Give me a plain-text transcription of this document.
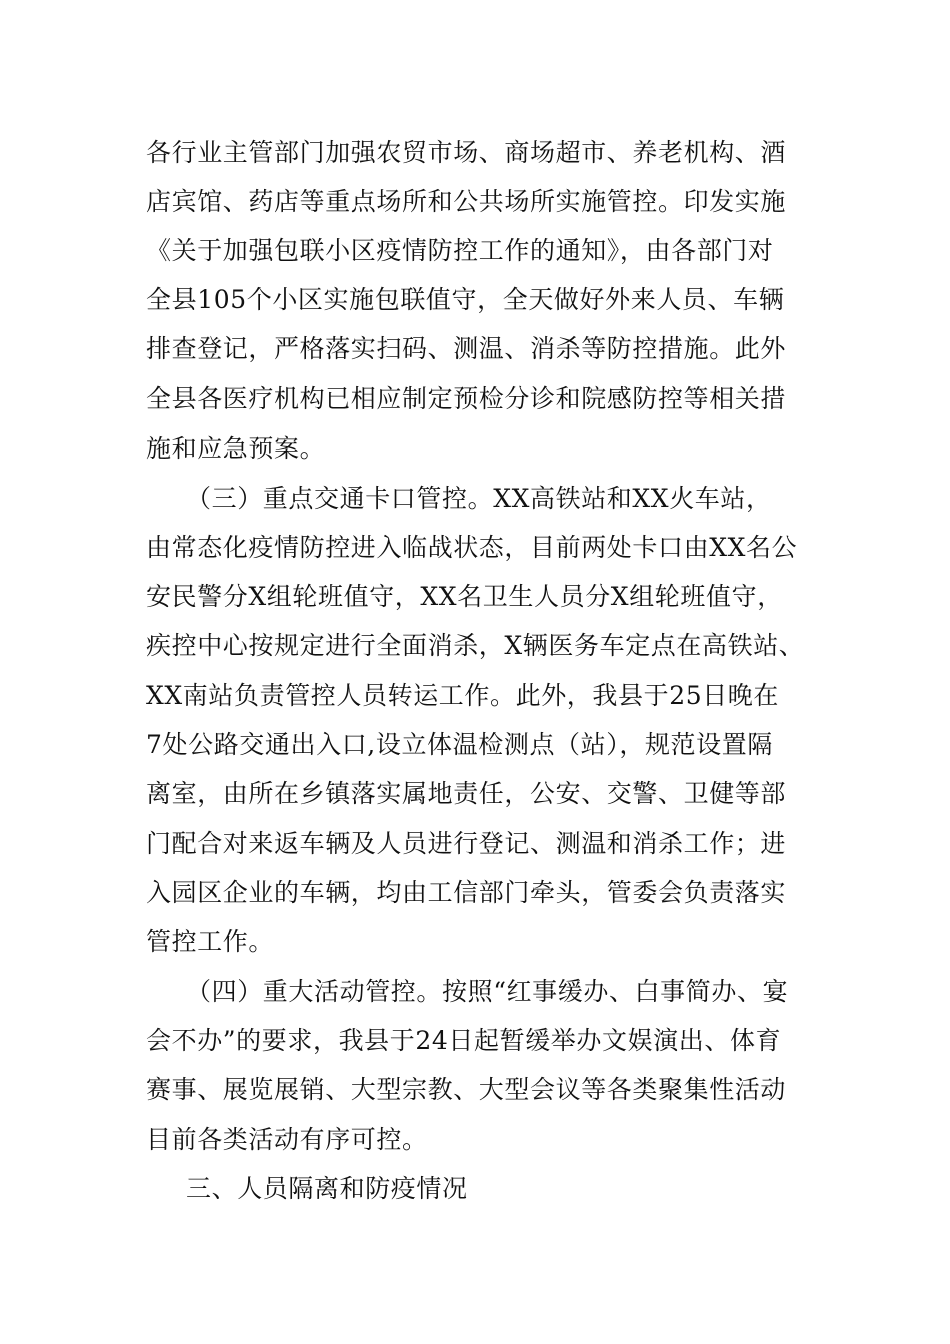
各行业主管部门加强农贸市场、商场超市、养老机构、酒
店宾馆、药店等重点场所和公共场所实施管控。印发实施
《关于加强包联小区疫情防控工作的通知》，由各部门对
全县105个小区实施包联值守，全天做好外来人员、车辆
排查登记，严格落实扫码、测温、消杀等防控措施。此外
全县各医疗机构已相应制定预检分诊和院感防控等相关措
施和应急预案。
（三）重点交通卡口管控。XX高铁站和XX火车站，
由常态化疫情防控进入临战状态，目前两处卡口由XX名公
安民警分X组轮班值守，XX名卫生人员分X组轮班值守，
疾控中心按规定进行全面消杀，X辆医务车定点在高铁站、
XX南站负责管控人员转运工作。此外，我县于25日晚在
7处公路交通出入口,设立体温检测点（站），规范设置隔
离室，由所在乡镇落实属地责任，公安、交警、卫健等部
门配合对来返车辆及人员进行登记、测温和消杀工作；进
入园区企业的车辆，均由工信部门牵头，管委会负责落实
管控工作。
（四）重大活动管控。按照“红事缓办、白事简办、宴
会不办”的要求，我县于24日起暂缓举办文娱演出、体育
赛事、展览展销、大型宗教、大型会议等各类聚集性活动
目前各类活动有序可控。
三、人员隔离和防疫情况
